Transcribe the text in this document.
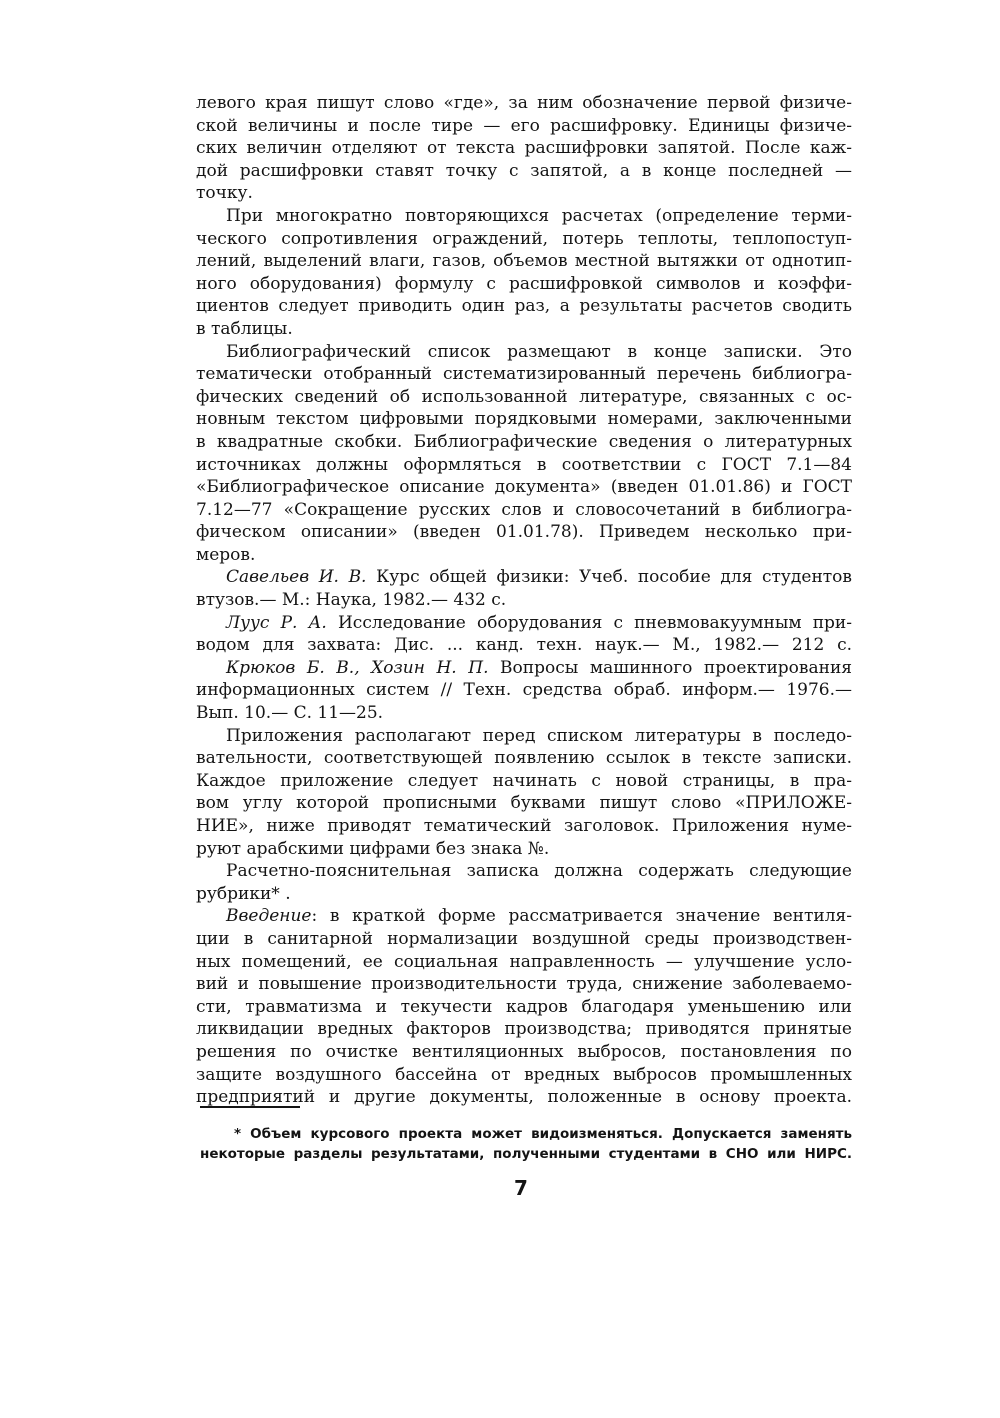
левого края пишут слово «где», за ним обозначение первой физиче-
ской величины и после тире — его расшифровку. Единицы физиче-
ских величин отделяют от текста расшифровки запятой. После каж-
дой расшифровки ставят точку с запятой, а в конце последней —
точку.

При многократно повторяющихся расчетах (определение терми-
ческого сопротивления ограждений, потерь теплоты, теплопоступ-
лений, выделений влаги, газов, объемов местной вытяжки от однотип-
ного оборудования) формулу с расшифровкой символов и коэффи-
циентов следует приводить один раз, а результаты расчетов сводить
в таблицы.

Библиографический список размещают в конце записки. Это
тематически отобранный систематизированный перечень библиогра-
фических сведений об использованной литературе, связанных с ос-
новным текстом цифровыми порядковыми номерами, заключенными
в квадратные скобки. Библиографические сведения о литературных
источниках должны оформляться в соответствии с ГОСТ 7.1—84
«Библиографическое описание документа» (введен 01.01.86) и ГОСТ
7.12—77 «Сокращение русских слов и словосочетаний в библиогра-
фическом описании» (введен 01.01.78). Приведем несколько при-
меров.

Савельев И. В. Курс общей физики: Учеб. пособие для студентов
втузов.— М.: Наука, 1982.— 432 с.

Луус Р. А. Исследование оборудования с пневмовакуумным при-
водом для захвата: Дис. ... канд. техн. наук.— М., 1982.— 212 с.

Крюков Б. В., Хозин Н. П. Вопросы машинного проектирования
информационных систем // Техн. средства обраб. информ.— 1976.—
Вып. 10.— С. 11—25.

Приложения располагают перед списком литературы в последо-
вательности, соответствующей появлению ссылок в тексте записки.
Каждое приложение следует начинать с новой страницы, в пра-
вом углу которой прописными буквами пишут слово «ПРИЛОЖЕ-
НИЕ», ниже приводят тематический заголовок. Приложения нуме-
руют арабскими цифрами без знака №.

Расчетно-пояснительная записка должна содержать следующие
рубрики* .

Введение: в краткой форме рассматривается значение вентиля-
ции в санитарной нормализации воздушной среды производствен-
ных помещений, ее социальная направленность — улучшение усло-
вий и повышение производительности труда, снижение заболеваемо-
сти, травматизма и текучести кадров благодаря уменьшению или
ликвидации вредных факторов производства; приводятся принятые
решения по очистке вентиляционных выбросов, постановления по
защите воздушного бассейна от вредных выбросов промышленных
предприятий и другие документы, положенные в основу проекта.

* Объем курсового проекта может видоизменяться. Допускается заменять
некоторые разделы результатами, полученными студентами в СНО или НИРС.
7
